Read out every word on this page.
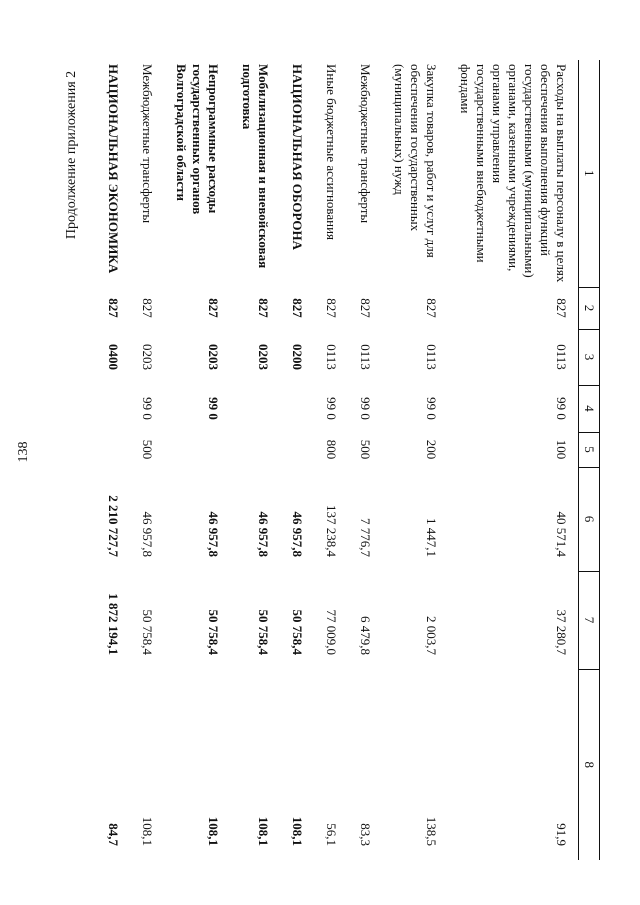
138
Продолжение приложения 2	1	2	3	4	5	6	7	8
Расходы на выплаты персоналу в целях обеспечения выполнения функций государственными (муниципальными) органами, казенными учреждениями, органами управления государственными внебюджетными фондами	827	0113	99 0	100	40 571,4	37 280,7	91,9
Закупка товаров, работ и услуг для обеспечения государственных (муниципальных) нужд	827	0113	99 0	200	1 447,1	2 003,7	138,5
Межбюджетные трансферты	827	0113	99 0	500	7 776,7	6 479,8	83,3
Иные бюджетные ассигнования	827	0113	99 0	800	137 238,4	77 009,0	56,1
НАЦИОНАЛЬНАЯ ОБОРОНА	827	0200			46 957,8	50 758,4	108,1
Мобилизационная и вневойсковая подготовка	827	0203			46 957,8	50 758,4	108,1
Непрограммные расходы государственных органов Волгоградской области	827	0203	99 0		46 957,8	50 758,4	108,1
Межбюджетные трансферты	827	0203	99 0	500	46 957,8	50 758,4	108,1
НАЦИОНАЛЬНАЯ ЭКОНОМИКА	827	0400			2 210 727,7	1 872 194,1	84,7
